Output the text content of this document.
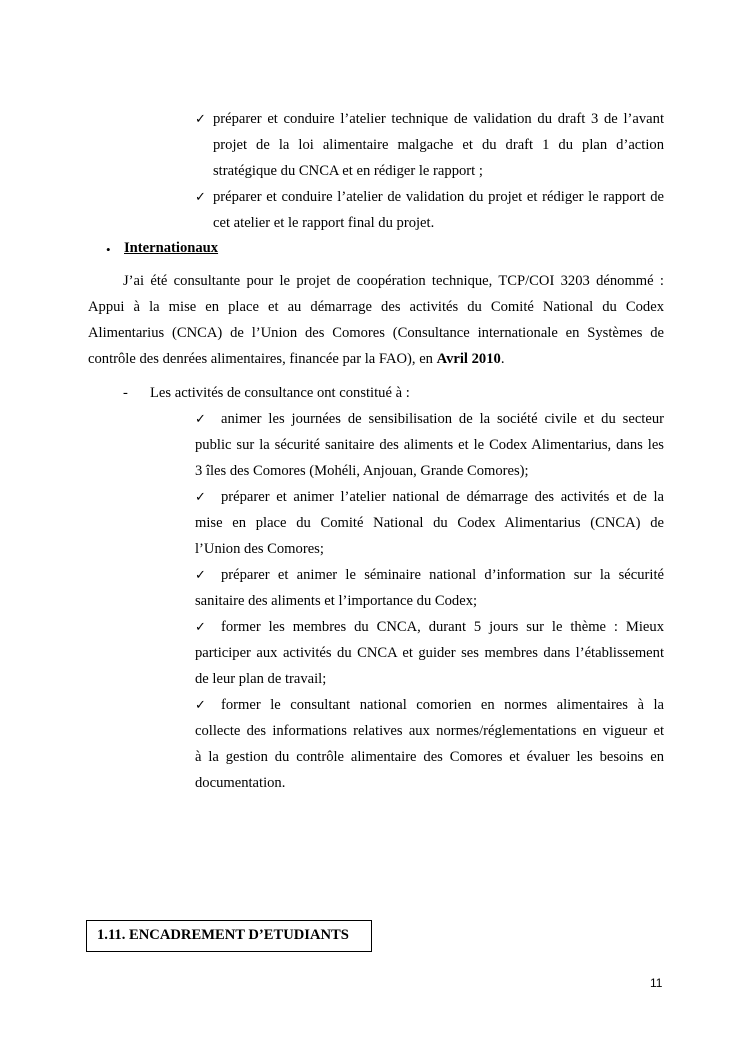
✓ préparer et conduire l’atelier technique de validation du draft 3 de l’avant
projet de la loi alimentaire malgache et du draft 1 du plan d’action
stratégique du CNCA et en rédiger le rapport ;
✓ préparer et conduire l’atelier de validation du projet et rédiger le rapport de
cet atelier et le rapport final du projet.
• Internationaux
J’ai été consultante pour le projet de coopération technique, TCP/COI 3203 dénommé :
Appui à la mise en place et au démarrage des activités du Comité National du Codex
Alimentarius (CNCA) de l’Union des Comores (Consultance internationale en Systèmes de
contrôle des denrées alimentaires, financée par la FAO), en Avril 2010.
- Les activités de consultance ont constitué à :
✓ animer les journées de sensibilisation de la société civile et du secteur
public sur la sécurité sanitaire des aliments et le Codex Alimentarius, dans les
3 îles des Comores (Mohéli, Anjouan, Grande Comores);
✓ préparer et animer l’atelier national de démarrage des activités et de la
mise en place du Comité National du Codex Alimentarius (CNCA) de
l’Union des Comores;
✓ préparer et animer le séminaire national d’information sur la sécurité
sanitaire des aliments et l’importance du Codex;
✓ former les membres du CNCA, durant 5 jours sur le thème : Mieux
participer aux activités du CNCA et guider ses membres dans l’établissement
de leur plan de travail;
✓ former le consultant national comorien en normes alimentaires à la
collecte des informations relatives aux normes/réglementations en vigueur et
à la gestion du contrôle alimentaire des Comores et évaluer les besoins en
documentation.
1.11. ENCADREMENT D’ETUDIANTS
11
